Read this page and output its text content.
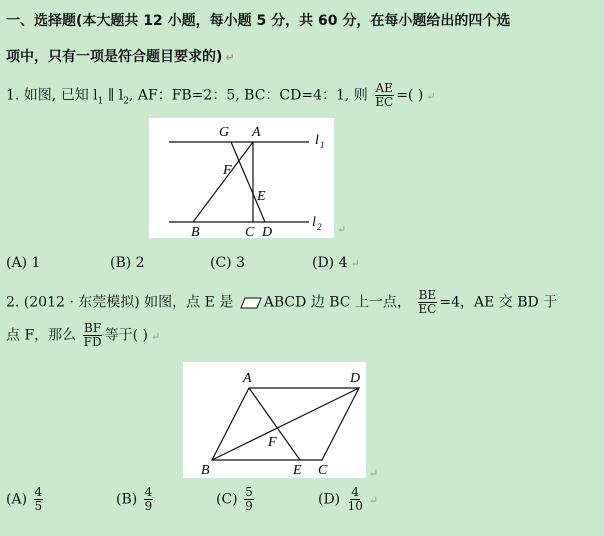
一、选择题(本大题共 12 小题，每小题 5 分，共 60 分，在每小题给出的四个选
项中，只有一项是符合题目要求的) ↵
1. 如图, 已知 $l_1$ ∥ $l_2$, AF：FB=2：5, BC：CD=4：1, 则 $\frac{AE}{EC}$ =( ) ↵
G A
l 1
F
E
B	C D
l 2 ↵
(A) 1	(B) 2	(C) 3	(D) 4 ↵
2. (2012 · 东莞模拟) 如图，点 E 是 ABCD 边 BC 上一点， $\frac{BE}{EC} =4$，AE 交 BD 于
点 F，那么 $\frac{BF}{FD}$ 等于( ) ↵
A	D
F
B	E C	↵
$(A) \frac{4}{5}$	$(B) \frac{4}{9}$	$(C) \frac{5}{9}$	$(D) \frac{4}{10}$ ↵
